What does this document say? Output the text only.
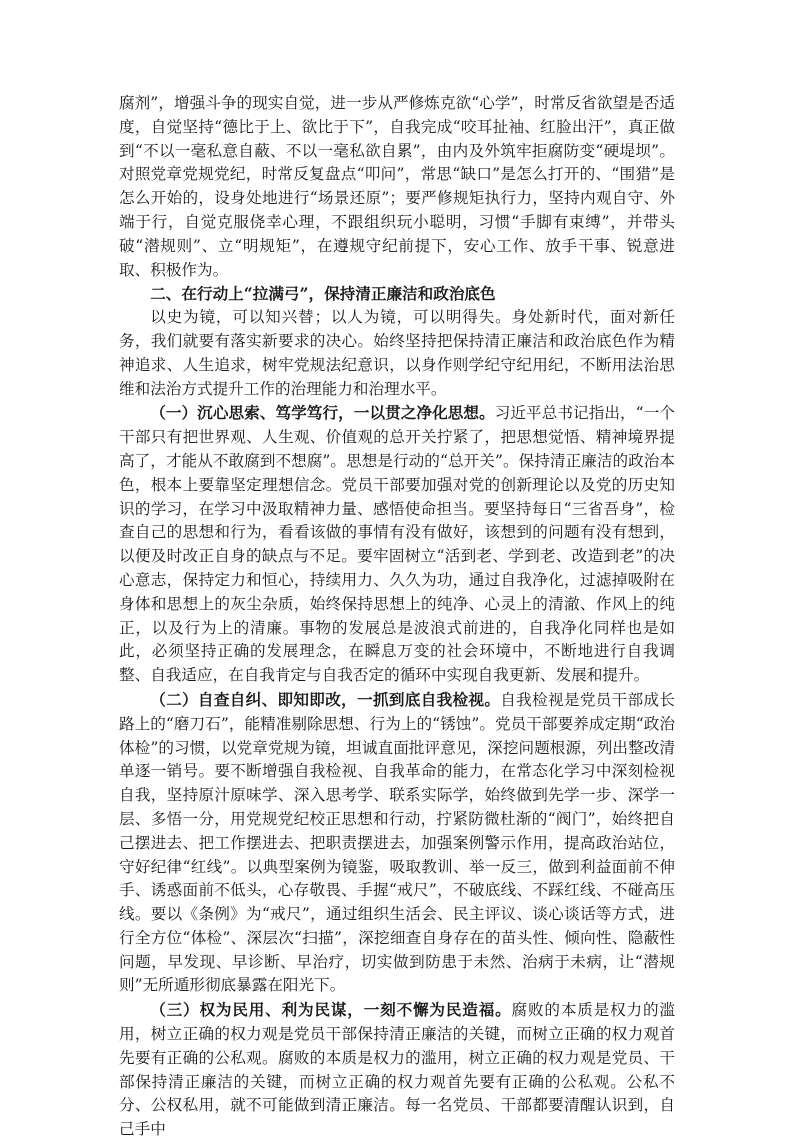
腐剂”，增强斗争的现实自觉，进一步从严修炼克欲“心学”，时常反省欲望是否适度，自觉坚持“德比于上、欲比于下”，自我完成“咬耳扯袖、红脸出汗”，真正做到“不以一毫私意自蔽、不以一毫私欲自累”，由内及外筑牢拒腐防变“硬堤坝”。对照党章党规党纪，时常反复盘点“叩问”，常思“缺口”是怎么打开的、“围猎”是怎么开始的，设身处地进行“场景还原”；要严修规矩执行力，坚持内观自守、外端于行，自觉克服侥幸心理，不跟组织玩小聪明，习惯“手脚有束缚”，并带头破“潜规则”、立“明规矩”，在遵规守纪前提下，安心工作、放手干事、锐意进取、积极作为。

二、在行动上“拉满弓”，保持清正廉洁和政治底色

以史为镜，可以知兴替；以人为镜，可以明得失。身处新时代，面对新任务，我们就要有落实新要求的决心。始终坚持把保持清正廉洁和政治底色作为精神追求、人生追求，树牢党规法纪意识，以身作则学纪守纪用纪，不断用法治思维和法治方式提升工作的治理能力和治理水平。

（一）沉心思索、笃学笃行，一以贯之净化思想。习近平总书记指出，“一个干部只有把世界观、人生观、价值观的总开关拧紧了，把思想觉悟、精神境界提高了，才能从不敢腐到不想腐”。思想是行动的“总开关”。保持清正廉洁的政治本色，根本上要靠坚定理想信念。党员干部要加强对党的创新理论以及党的历史知识的学习，在学习中汲取精神力量、感悟使命担当。要坚持每日“三省吾身”，检查自己的思想和行为，看看该做的事情有没有做好，该想到的问题有没有想到，以便及时改正自身的缺点与不足。要牢固树立“活到老、学到老、改造到老”的决心意志，保持定力和恒心，持续用力、久久为功，通过自我净化，过滤掉吸附在身体和思想上的灰尘杂质，始终保持思想上的纯净、心灵上的清澈、作风上的纯正，以及行为上的清廉。事物的发展总是波浪式前进的，自我净化同样也是如此，必须坚持正确的发展理念，在瞬息万变的社会环境中，不断地进行自我调整、自我适应，在自我肯定与自我否定的循环中实现自我更新、发展和提升。

（二）自查自纠、即知即改，一抓到底自我检视。自我检视是党员干部成长路上的“磨刀石”，能精准剔除思想、行为上的“锈蚀”。党员干部要养成定期“政治体检”的习惯，以党章党规为镜，坦诚直面批评意见，深挖问题根源，列出整改清单逐一销号。要不断增强自我检视、自我革命的能力，在常态化学习中深刻检视自我，坚持原汁原味学、深入思考学、联系实际学，始终做到先学一步、深学一层、多悟一分，用党规党纪校正思想和行动，拧紧防微杜渐的“阀门”，始终把自己摆进去、把工作摆进去、把职责摆进去，加强案例警示作用，提高政治站位，守好纪律“红线”。以典型案例为镜鉴，吸取教训、举一反三，做到利益面前不伸手、诱惑面前不低头，心存敬畏、手握“戒尺”，不破底线、不踩红线、不碰高压线。要以《条例》为“戒尺”，通过组织生活会、民主评议、谈心谈话等方式，进行全方位“体检”、深层次“扫描”，深挖细查自身存在的苗头性、倾向性、隐蔽性问题，早发现、早诊断、早治疗，切实做到防患于未然、治病于未病，让“潜规则”无所遁形彻底暴露在阳光下。

（三）权为民用、利为民谋，一刻不懈为民造福。腐败的本质是权力的滥用，树立正确的权力观是党员干部保持清正廉洁的关键，而树立正确的权力观首先要有正确的公私观。腐败的本质是权力的滥用，树立正确的权力观是党员、干部保持清正廉洁的关键，而树立正确的权力观首先要有正确的公私观。公私不分、公权私用，就不可能做到清正廉洁。每一名党员、干部都要清醒认识到，自己手中
